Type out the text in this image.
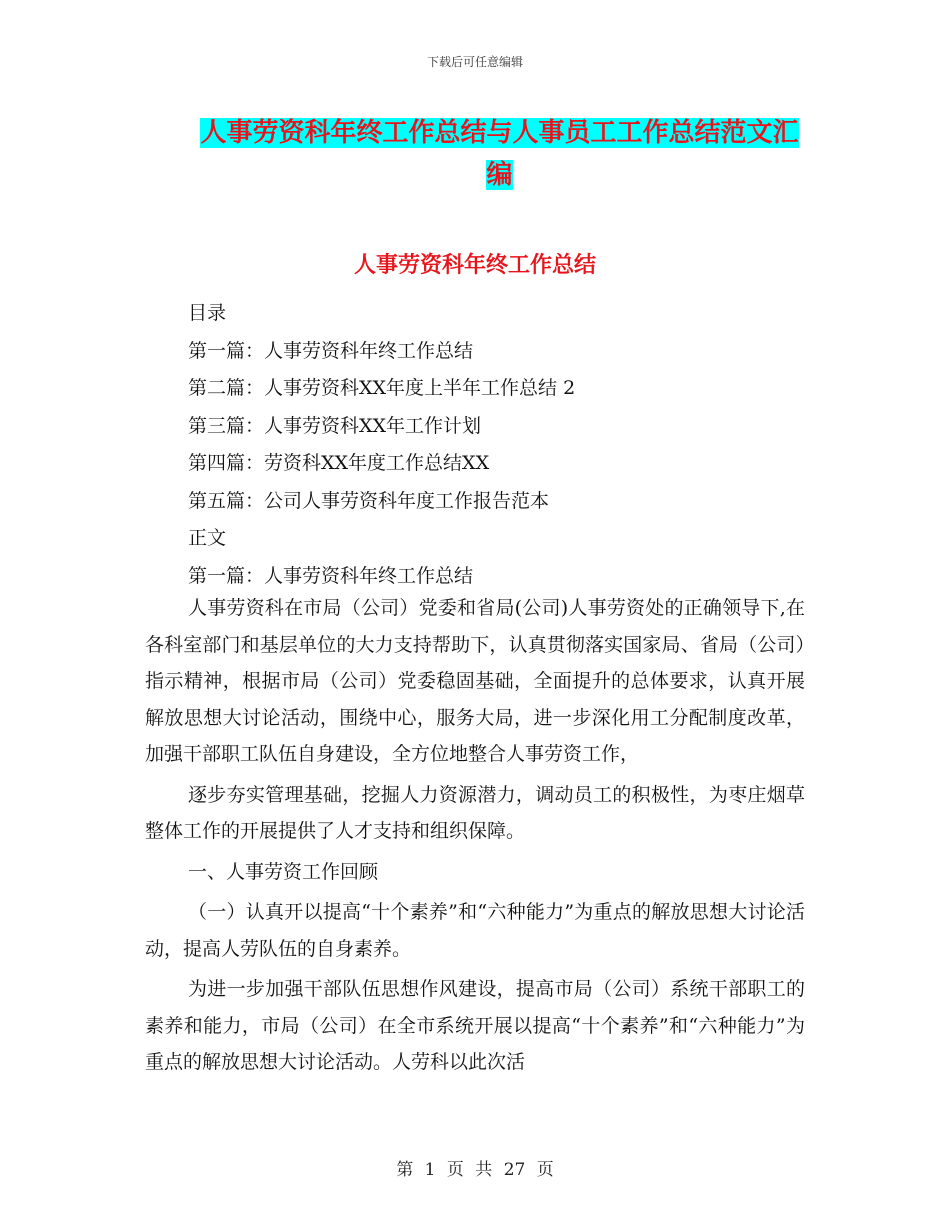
下载后可任意编辑
人事劳资科年终工作总结与人事员工工作总结范文汇
编
人事劳资科年终工作总结
目录
第一篇：人事劳资科年终工作总结
第二篇：人事劳资科XX年度上半年工作总结 2
第三篇：人事劳资科XX年工作计划
第四篇：劳资科XX年度工作总结XX
第五篇：公司人事劳资科年度工作报告范本
正文
第一篇：人事劳资科年终工作总结

人事劳资科在市局（公司）党委和省局(公司)人事劳资处的正确领导下,在各科室部门和基层单位的大力支持帮助下，认真贯彻落实国家局、省局（公司）指示精神，根据市局（公司）党委稳固基础，全面提升的总体要求，认真开展解放思想大讨论活动，围绕中心，服务大局，进一步深化用工分配制度改革，加强干部职工队伍自身建设，全方位地整合人事劳资工作，

逐步夯实管理基础，挖掘人力资源潜力，调动员工的积极性，为枣庄烟草整体工作的开展提供了人才支持和组织保障。

一、人事劳资工作回顾

（一）认真开以提高“十个素养”和“六种能力”为重点的解放思想大讨论活动，提高人劳队伍的自身素养。

为进一步加强干部队伍思想作风建设，提高市局（公司）系统干部职工的素养和能力，市局（公司）在全市系统开展以提高“十个素养”和“六种能力”为重点的解放思想大讨论活动。人劳科以此次活

第 1 页 共 27 页
